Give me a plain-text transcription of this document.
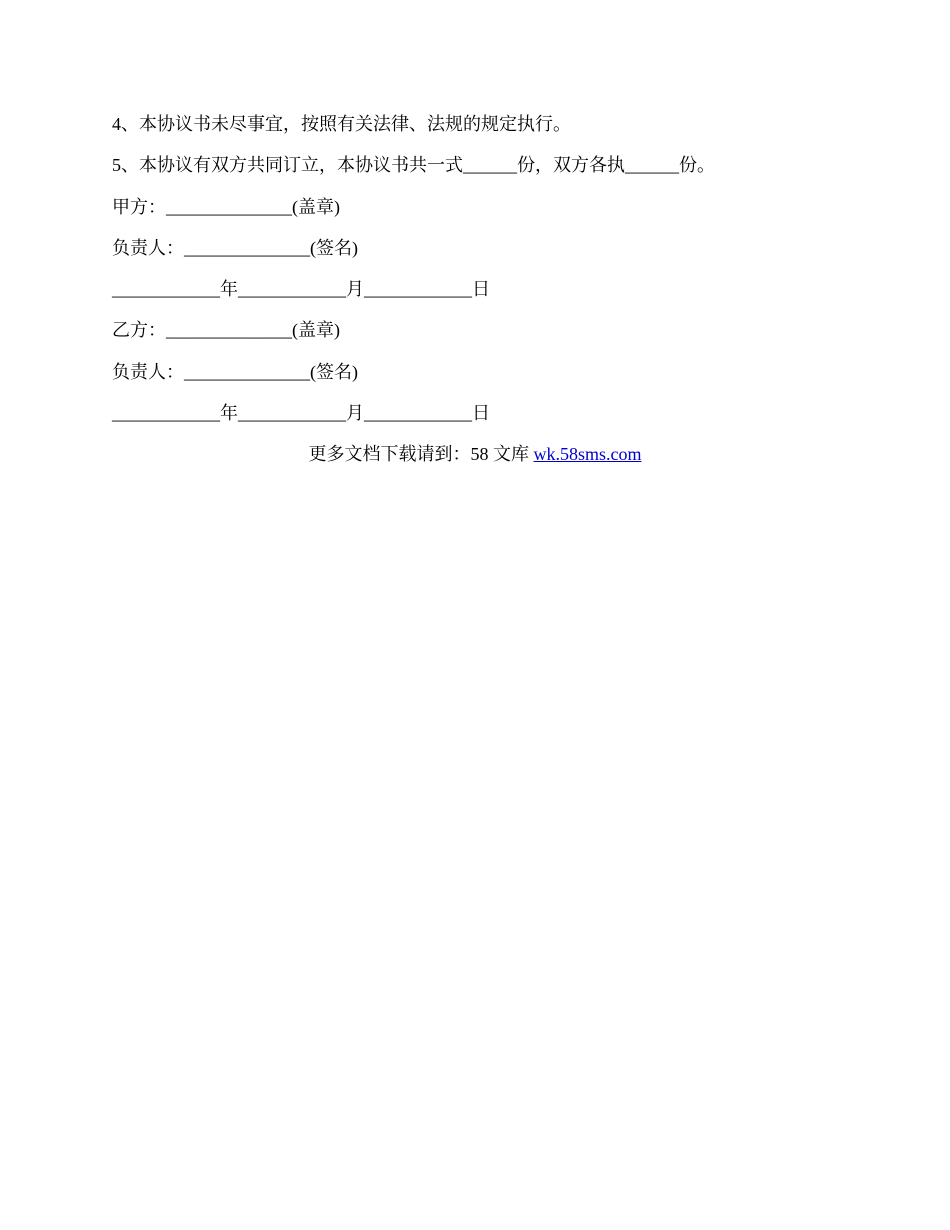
4、本协议书未尽事宜，按照有关法律、法规的规定执行。
5、本协议有双方共同订立，本协议书共一式______份，双方各执______份。
甲方：______________(盖章)
负责人：______________(签名)
____________年____________月____________日
乙方：______________(盖章)
负责人：______________(签名)
____________年____________月____________日
更多文档下载请到：58 文库 wk.58sms.com
